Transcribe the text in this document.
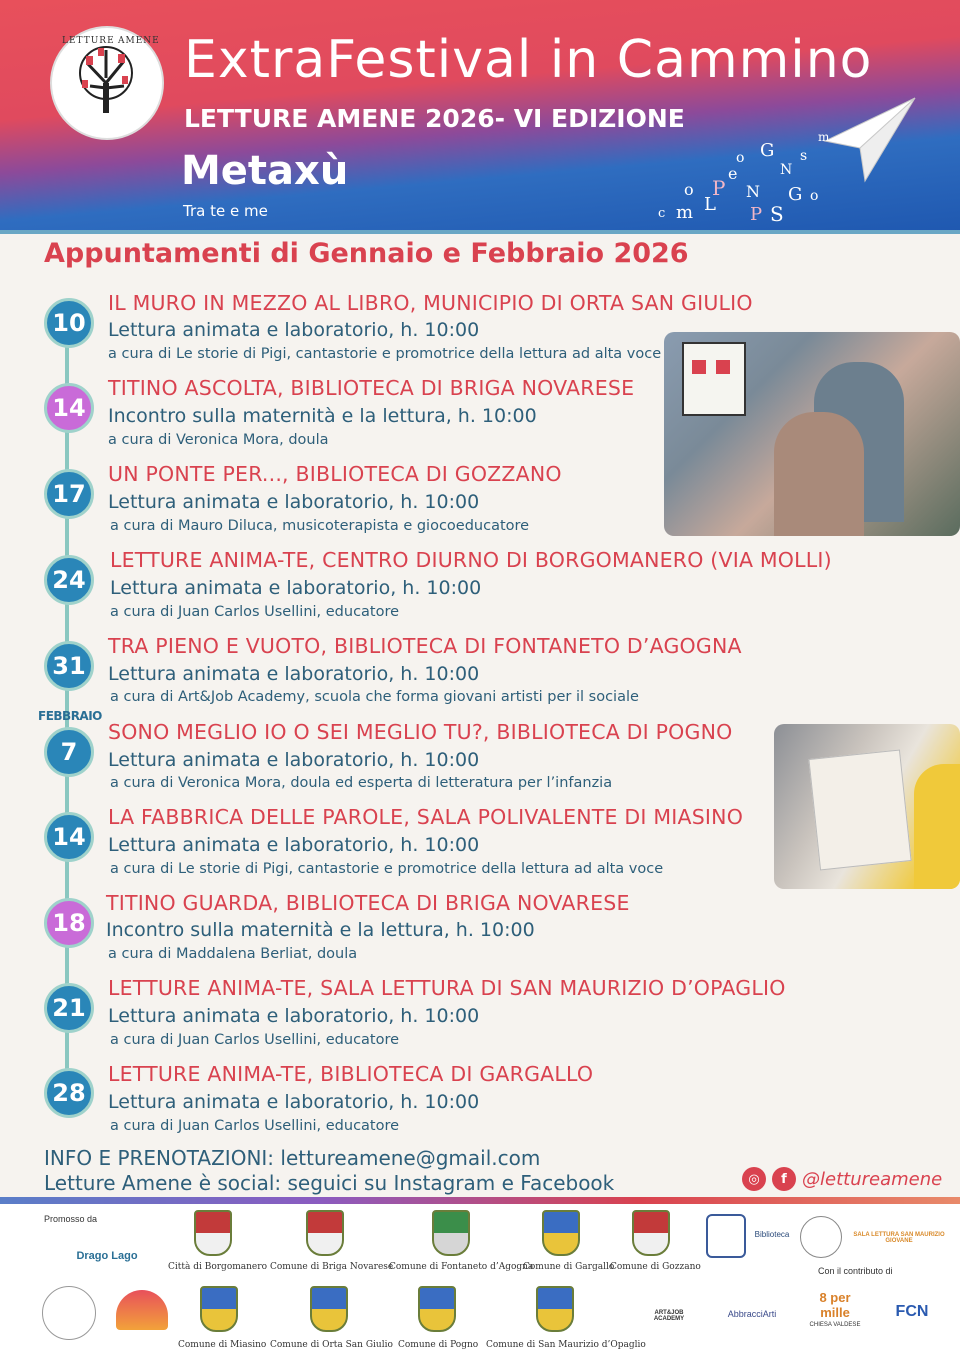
LETTURE AMENE ExtraFestival in Cammino
LETTURE AMENE 2026- VI EDIZIONE
Metaxù
Tra te e me	c m
o
L
P
e
o
N
P
G
S
N
G
s
o
m
Appuntamenti di Gennaio e Febbraio 2026
FEBBRAIO
10
IL MURO IN MEZZO AL LIBRO, MUNICIPIO DI ORTA SAN GIULIO
Lettura animata e laboratorio, h. 10:00
a cura di Le storie di Pigi, cantastorie e promotrice della lettura ad alta voce
14
TITINO ASCOLTA, BIBLIOTECA DI BRIGA NOVARESE
Incontro sulla maternità e la lettura, h. 10:00
a cura di Veronica Mora, doula
17
UN PONTE PER..., BIBLIOTECA DI GOZZANO
Lettura animata e laboratorio, h. 10:00
a cura di Mauro Diluca, musicoterapista e giocoeducatore
24
LETTURE ANIMA-TE, CENTRO DIURNO DI BORGOMANERO (VIA MOLLI)
Lettura animata e laboratorio, h. 10:00
a cura di Juan Carlos Usellini, educatore
31
TRA PIENO E VUOTO, BIBLIOTECA DI FONTANETO D’AGOGNA
Lettura animata e laboratorio, h. 10:00
a cura di Art&Job Academy, scuola che forma giovani artisti per il sociale
7
SONO MEGLIO IO O SEI MEGLIO TU?, BIBLIOTECA DI POGNO
Lettura animata e laboratorio, h. 10:00
a cura di Veronica Mora, doula ed esperta di letteratura per l’infanzia
14
LA FABBRICA DELLE PAROLE, SALA POLIVALENTE DI MIASINO
Lettura animata e laboratorio, h. 10:00
a cura di Le storie di Pigi, cantastorie e promotrice della lettura ad alta voce
18
TITINO GUARDA, BIBLIOTECA DI BRIGA NOVARESE
Incontro sulla maternità e la lettura, h. 10:00
a cura di Maddalena Berliat, doula
21
LETTURE ANIMA-TE, SALA LETTURA DI SAN MAURIZIO D’OPAGLIO
Lettura animata e laboratorio, h. 10:00
a cura di Juan Carlos Usellini, educatore
28
LETTURE ANIMA-TE, BIBLIOTECA DI GARGALLO
Lettura animata e laboratorio, h. 10:00
a cura di Juan Carlos Usellini, educatore
INFO E PRENOTAZIONI: lettureamene@gmail.com
Letture Amene è social: seguici su Instagram e Facebook	◎	f @lettureamene
Promosso da
Drago Lago
Città di Borgomanero Comune di Briga Novarese
Comune di Fontaneto d’Agogna
Comune di Gargallo
Comune di Gozzano
Biblioteca	SALA LETTURA SAN MAURIZIO GIOVANE
Con il contributo di
Comune di Miasino Comune di Orta San Giulio Comune di Pogno Comune di San Maurizio d’Opaglio
ART&JOB ACADEMY	AbbracciArti
8 per mille
CHIESA VALDESE
FCN
